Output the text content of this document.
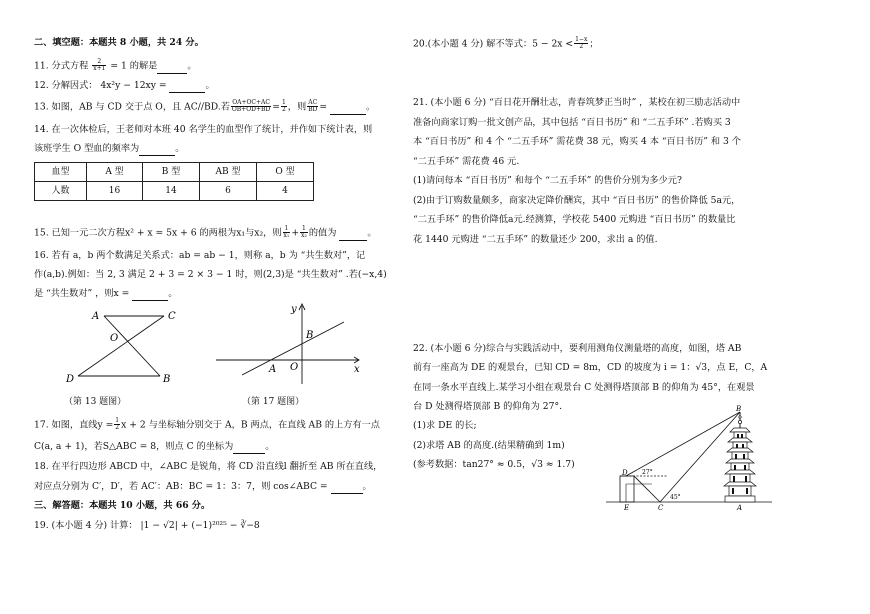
二、填空题：本题共 8 小题，共 24 分。
11. 分式方程 $\frac{2}{x+1} = 1$ 的解是	。
12. 分解因式： 4x²y − 12xy =	。
13. 如图，AB 与 CD 交于点 O，且 AC//BD.若 $\frac{OA+OC+AC}{OB+OD+BD} = \frac{1}{2}$ ，则 $\frac{AC}{BD}$ =	。
14. 在一次体检后，王老师对本班 40 名学生的血型作了统计，并作如下统计表，则
该班学生 O 型血的频率为	。
血型	A 型	B 型	AB 型	O 型
人数	16	14	6	4
15. 已知一元二次方程x² + x = 5x + 6 的两根为x₁与x₂，则 $\frac{1}{\text{x₁}} + \frac{1}{\text{x₂}}$ 的值为	。
16. 若有 a，b 两个数满足关系式：ab = ab − 1，则称 a，b 为 “共生数对”，记
作(a,b).例如：当 2, 3 满足 2 + 3 = 2 × 3 − 1 时，则(2,3)是 “共生数对” .若(−x,4)
是 “共生数对” ，则x =	。
A	C
O
D	B
y
B
A O	x
（第 13 题图）	（第 17 题图）
17. 如图，直线$y = \frac{1}{2}$ x + 2 与坐标轴分别交于 A，B 两点，在直线 AB 的上方有一点
C(a, a + 1)，若S△ABC = 8，则点 C 的坐标为	。
18. 在平行四边形 ABCD 中，∠ABC 是锐角，将 CD 沿直线l 翻折至 AB 所在直线，
对应点分别为 C′，D′，若 AC′：AB：BC = 1：3：7，则 cos∠ABC =	。
三、解答题：本题共 10 小题，共 66 分。
19. (本小题 4 分) 计算： |1 − √2| + (−1)²⁰²⁵ − ∛−8
20.(本小题 4 分) 解不等式：$5 - 2x < \frac{1-x}{2}$ ；
21. (本小题 6 分) “百日花开酬壮志，青春筑梦正当时” ，某校在初三励志活动中
准备向商家订购一批文创产品，其中包括 “百日书历” 和 “二五手环” .若购买 3
本 “百日书历” 和 4 个 “二五手环” 需花费 38 元，购买 4 本 “百日书历” 和 3 个
“二五手环” 需花费 46 元.
(1)请问每本 “百日书历” 和每个 “二五手环” 的售价分别为多少元?
(2)由于订购数量颇多，商家决定降价酬宾，其中 “百日书历” 的售价降低 5a元，
“二五手环” 的售价降低a元.经测算，学校花 5400 元购进 “百日书历” 的数量比
花 1440 元购进 “二五手环” 的数量还少 200，求出 a 的值.
22. (本小题 6 分)综合与实践活动中，要利用测角仪测量塔的高度，如图，塔 AB
前有一座高为 DE 的观景台，已知 CD = 8m，CD 的坡度为 i = 1：√3，点 E，C，A
在同一条水平直线上.某学习小组在观景台 C 处测得塔顶部 B 的仰角为 45°，在观景
台 D 处测得塔顶部 B 的仰角为 27°.
(1)求 DE 的长;
(2)求塔 AB 的高度.(结果精确到 1m)
(参考数据：tan27° ≈ 0.5，√3 ≈ 1.7)
B
D 27°
45°
E	C	A
